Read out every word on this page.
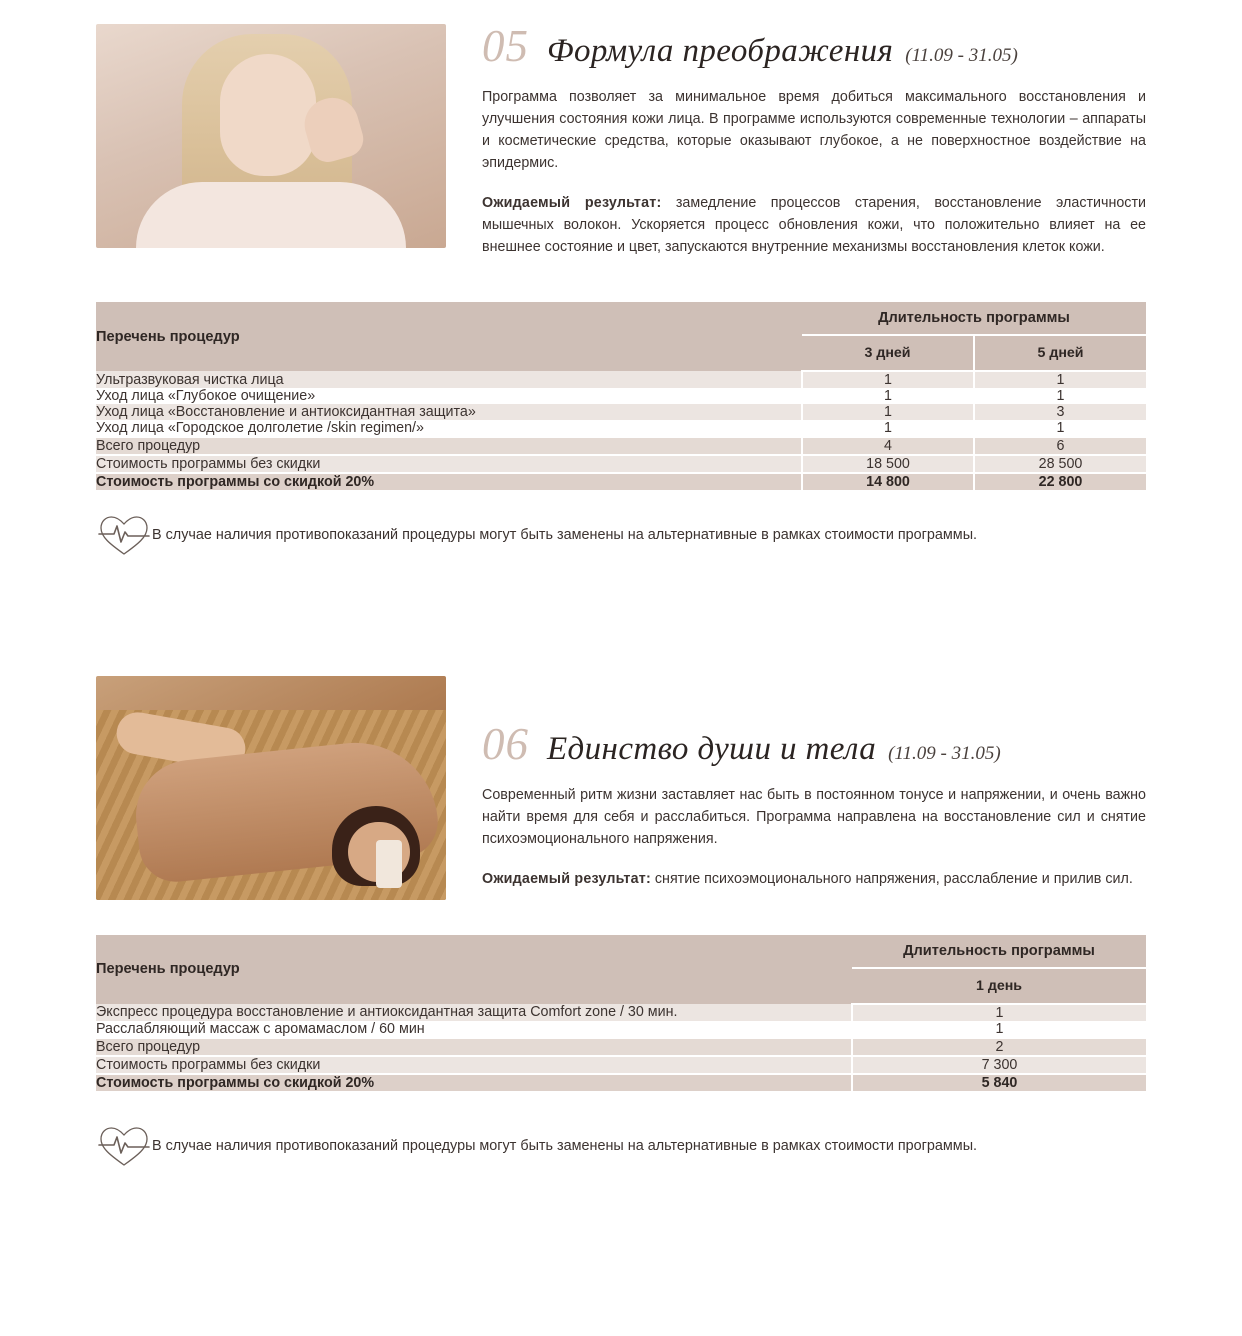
05 Формула преображения (11.09 - 31.05)

Программа позволяет за минимальное время добиться максимального восстановления и улучшения состояния кожи лица. В программе используются современные технологии – аппараты и косметические средства, которые оказывают глубокое, а не поверхностное воздействие на эпидермис.

Ожидаемый результат: замедление процессов старения, восстановление эластичности мышечных волокон. Ускоряется процесс обновления кожи, что положительно влияет на ее внешнее состояние и цвет, запускаются внутренние механизмы восстановления клеток кожи.

Перечень процедур	Длительность программы	
	3 дней	5 дней
Ультразвуковая чистка лица	1	1
Уход лица «Глубокое очищение»	1	1
Уход лица «Восстановление и антиоксидантная защита»	1	3
Уход лица «Городское долголетие /skin regimen/»	1	1
Всего процедур	4	6
Стоимость программы без скидки	18 500	28 500
Стоимость программы со скидкой 20%	14 800	22 800
В случае наличия противопоказаний процедуры могут быть заменены на альтернативные в рамках стоимости программы.
06 Единство души и тела (11.09 - 31.05)

Современный ритм жизни заставляет нас быть в постоянном тонусе и напряжении, и очень важно найти время для себя и расслабиться. Программа направлена на восстановление сил и снятие психоэмоционального напряжения.

Ожидаемый результат: снятие психоэмоционального напряжения, расслабление и прилив сил.

Перечень процедур	Длительность программы
	1 день
Экспресс процедура восстановление и антиоксидантная защита Comfort zone / 30 мин.	1
Расслабляющий массаж с аромамаслом / 60 мин	1
Всего процедур	2
Стоимость программы без скидки	7 300
Стоимость программы со скидкой 20%	5 840
В случае наличия противопоказаний процедуры могут быть заменены на альтернативные в рамках стоимости программы.
